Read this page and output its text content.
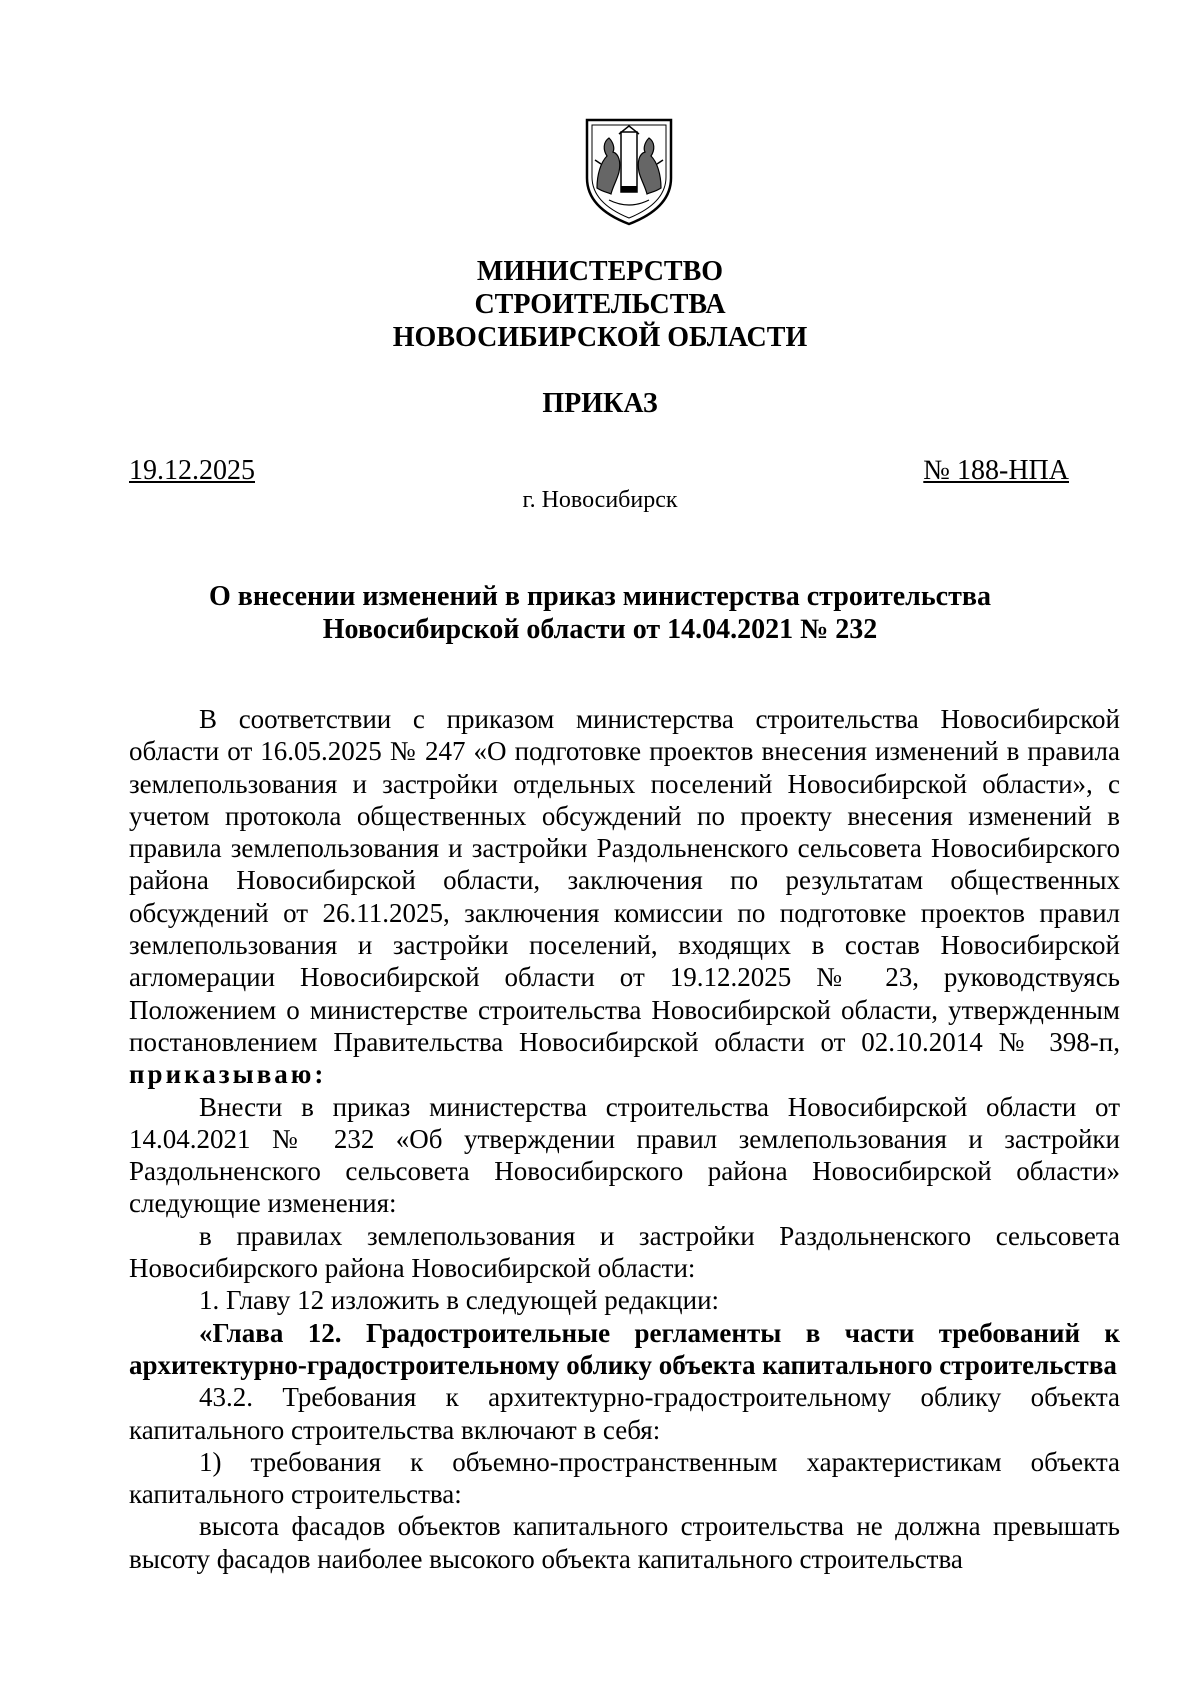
МИНИСТЕРСТВО
СТРОИТЕЛЬСТВА
НОВОСИБИРСКОЙ ОБЛАСТИ
ПРИКАЗ
19.12.2025	№ 188-НПА
г. Новосибирск
О внесении изменений в приказ министерства строительства
Новосибирской области от 14.04.2021 № 232

В соответствии с приказом министерства строительства Новосибирской области от 16.05.2025 № 247 «О подготовке проектов внесения изменений в правила землепользования и застройки отдельных поселений Новосибирской области», с учетом протокола общественных обсуждений по проекту внесения изменений в правила землепользования и застройки Раздольненского сельсовета Новосибирского района Новосибирской области, заключения по результатам общественных обсуждений от 26.11.2025, заключения комиссии по подготовке проектов правил землепользования и застройки поселений, входящих в состав Новосибирской агломерации Новосибирской области от 19.12.2025 № 23, руководствуясь Положением о министерстве строительства Новосибирской области, утвержденным постановлением Правительства Новосибирской области от 02.10.2014 № 398-п, приказываю:

Внести в приказ министерства строительства Новосибирской области от 14.04.2021 № 232 «Об утверждении правил землепользования и застройки Раздольненского сельсовета Новосибирского района Новосибирской области» следующие изменения:

в правилах землепользования и застройки Раздольненского сельсовета Новосибирского района Новосибирской области:

1. Главу 12 изложить в следующей редакции:

«Глава 12. Градостроительные регламенты в части требований к архитектурно-градостроительному облику объекта капитального строительства

43.2. Требования к архитектурно-градостроительному облику объекта капитального строительства включают в себя:

1) требования к объемно-пространственным характеристикам объекта капитального строительства:

высота фасадов объектов капитального строительства не должна превышать высоту фасадов наиболее высокого объекта капитального строительства
